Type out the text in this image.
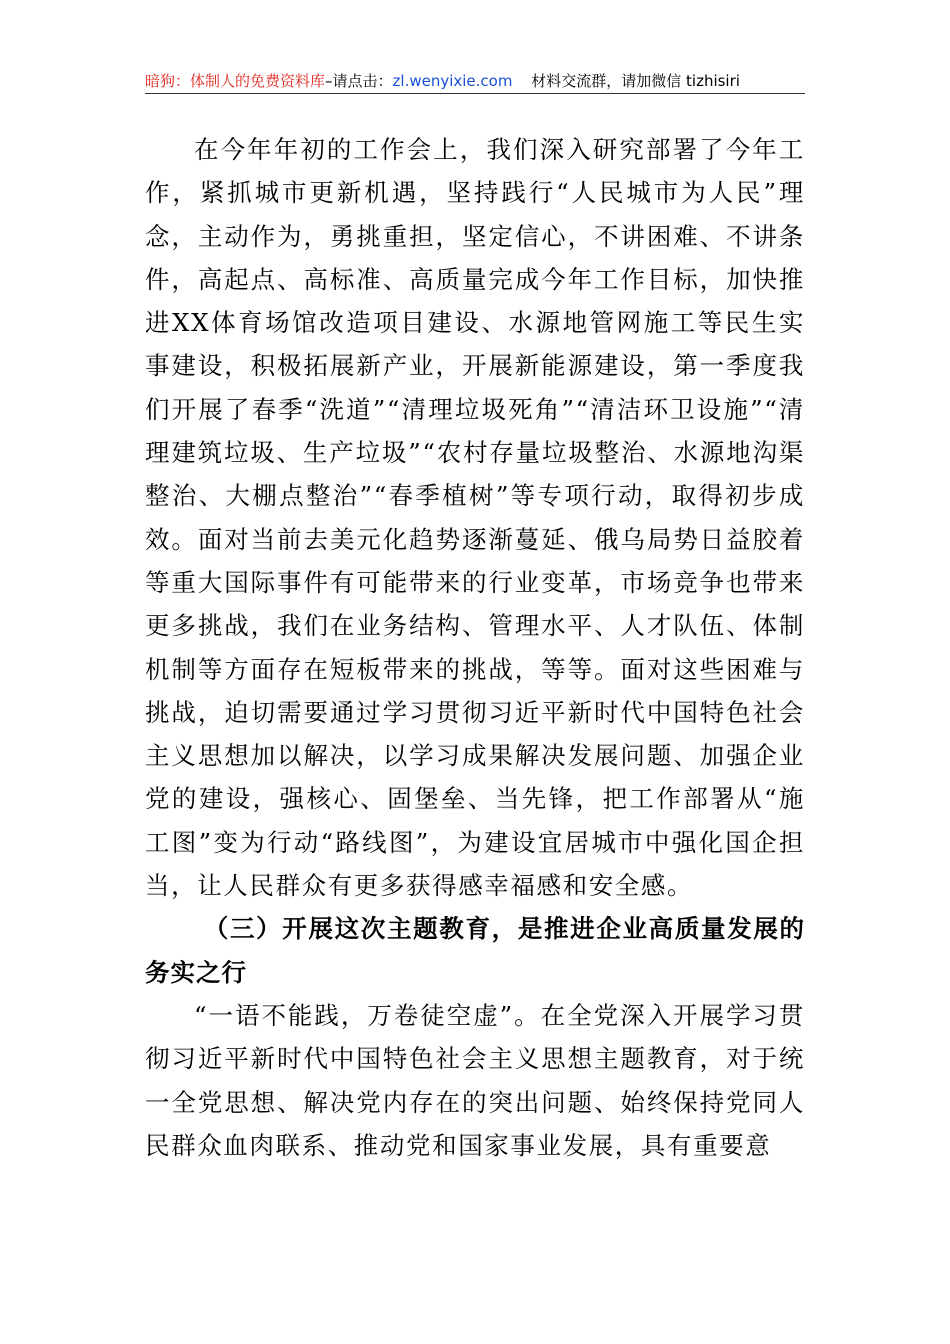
暗狗：体制人的免费资料库–请点击：zl.wenyixie.com 材料交流群，请加微信 tizhisiri

在今年年初的工作会上，我们深入研究部署了今年工作，紧抓城市更新机遇，坚持践行“人民城市为人民”理念，主动作为，勇挑重担，坚定信心，不讲困难、不讲条件，高起点、高标准、高质量完成今年工作目标，加快推进XX体育场馆改造项目建设、水源地管网施工等民生实事建设，积极拓展新产业，开展新能源建设，第一季度我们开展了春季“洗道”“清理垃圾死角”“清洁环卫设施”“清理建筑垃圾、生产垃圾”“农村存量垃圾整治、水源地沟渠整治、大棚点整治”“春季植树”等专项行动，取得初步成效。面对当前去美元化趋势逐渐蔓延、俄乌局势日益胶着等重大国际事件有可能带来的行业变革，市场竞争也带来更多挑战，我们在业务结构、管理水平、人才队伍、体制机制等方面存在短板带来的挑战，等等。面对这些困难与挑战，迫切需要通过学习贯彻习近平新时代中国特色社会主义思想加以解决，以学习成果解决发展问题、加强企业党的建设，强核心、固堡垒、当先锋，把工作部署从“施工图”变为行动“路线图”，为建设宜居城市中强化国企担当，让人民群众有更多获得感幸福感和安全感。

（三）开展这次主题教育，是推进企业高质量发展的务实之行

“一语不能践，万卷徒空虚”。在全党深入开展学习贯彻习近平新时代中国特色社会主义思想主题教育，对于统一全党思想、解决党内存在的突出问题、始终保持党同人民群众血肉联系、推动党和国家事业发展，具有重要意
